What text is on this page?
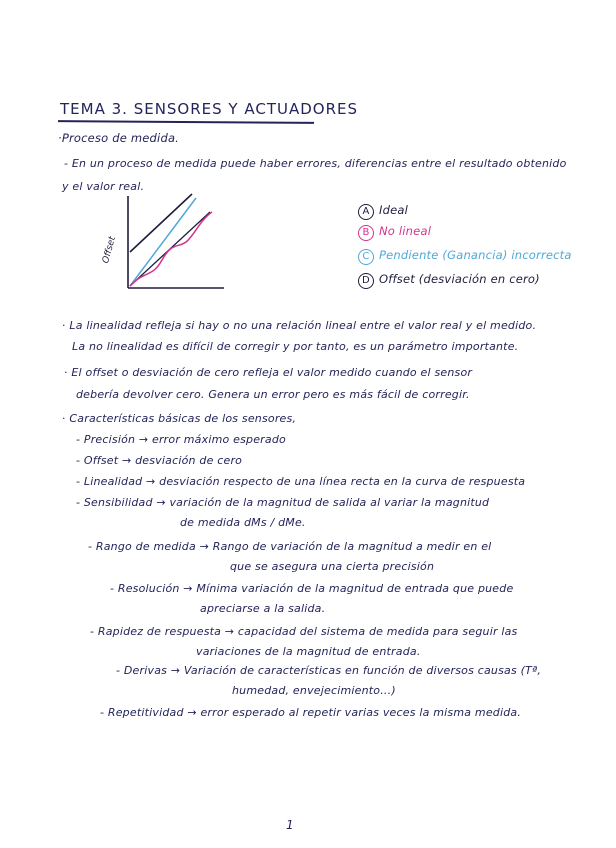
TEMA 3. SENSORES Y ACTUADORES
·Proceso de medida.
- En un proceso de medida puede haber errores, diferencias entre el resultado obtenido
y el valor real.
Offset
A Ideal
B No lineal
C Pendiente (Ganancia) incorrecta
D Offset (desviación en cero)
· La linealidad refleja si hay o no una relación lineal entre el valor real y el medido.
La no linealidad es difícil de corregir y por tanto, es un parámetro importante.
· El offset o desviación de cero refleja el valor medido cuando el sensor
debería devolver cero. Genera un error pero es más fácil de corregir.
· Características básicas de los sensores,
- Precisión → error máximo esperado
- Offset → desviación de cero
- Linealidad → desviación respecto de una línea recta en la curva de respuesta
- Sensibilidad → variación de la magnitud de salida al variar la magnitud
de medida dMs / dMe.
- Rango de medida → Rango de variación de la magnitud a medir en el
que se asegura una cierta precisión
- Resolución → Mínima variación de la magnitud de entrada que puede
apreciarse a la salida.
- Rapidez de respuesta → capacidad del sistema de medida para seguir las
variaciones de la magnitud de entrada.
- Derivas → Variación de características en función de diversos causas (Tª,
humedad, envejecimiento...)
- Repetitividad → error esperado al repetir varias veces la misma medida.
1
